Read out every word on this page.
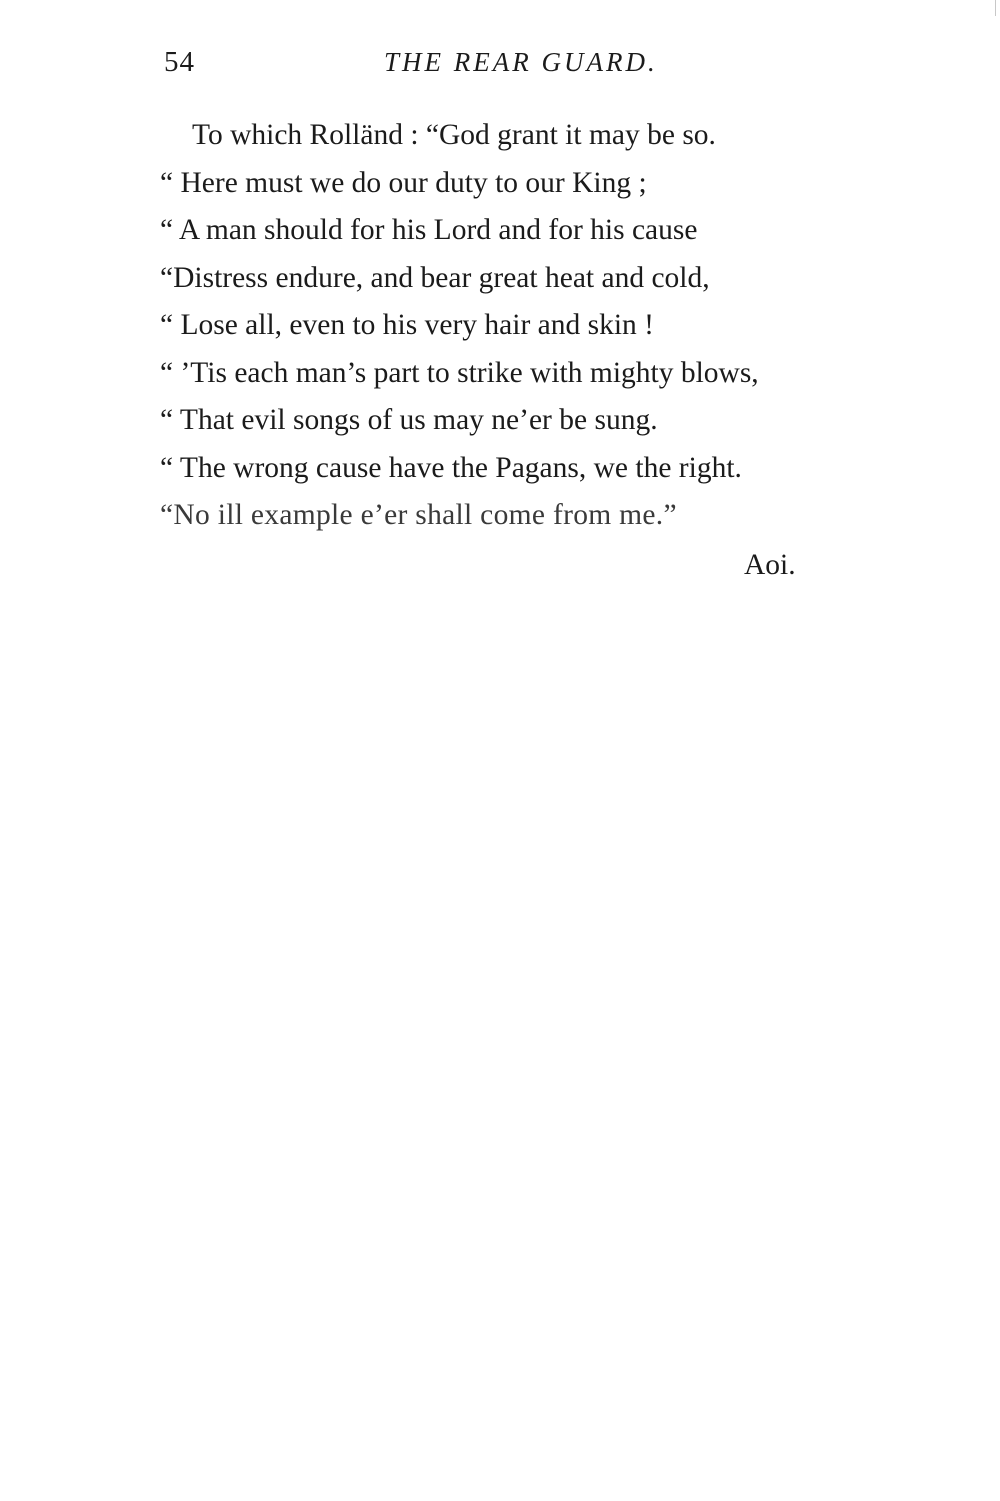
54	THE REAR GUARD.
To which Rolländ : “God grant it may be so.
“ Here must we do our duty to our King ;
“ A man should for his Lord and for his cause
“Distress endure, and bear great heat and cold,
“ Lose all, even to his very hair and skin !
“ ’Tis each man’s part to strike with mighty blows,
“ That evil songs of us may ne’er be sung.
“ The wrong cause have the Pagans, we the right.
“No ill example e’er shall come from me.”
Aoi.
